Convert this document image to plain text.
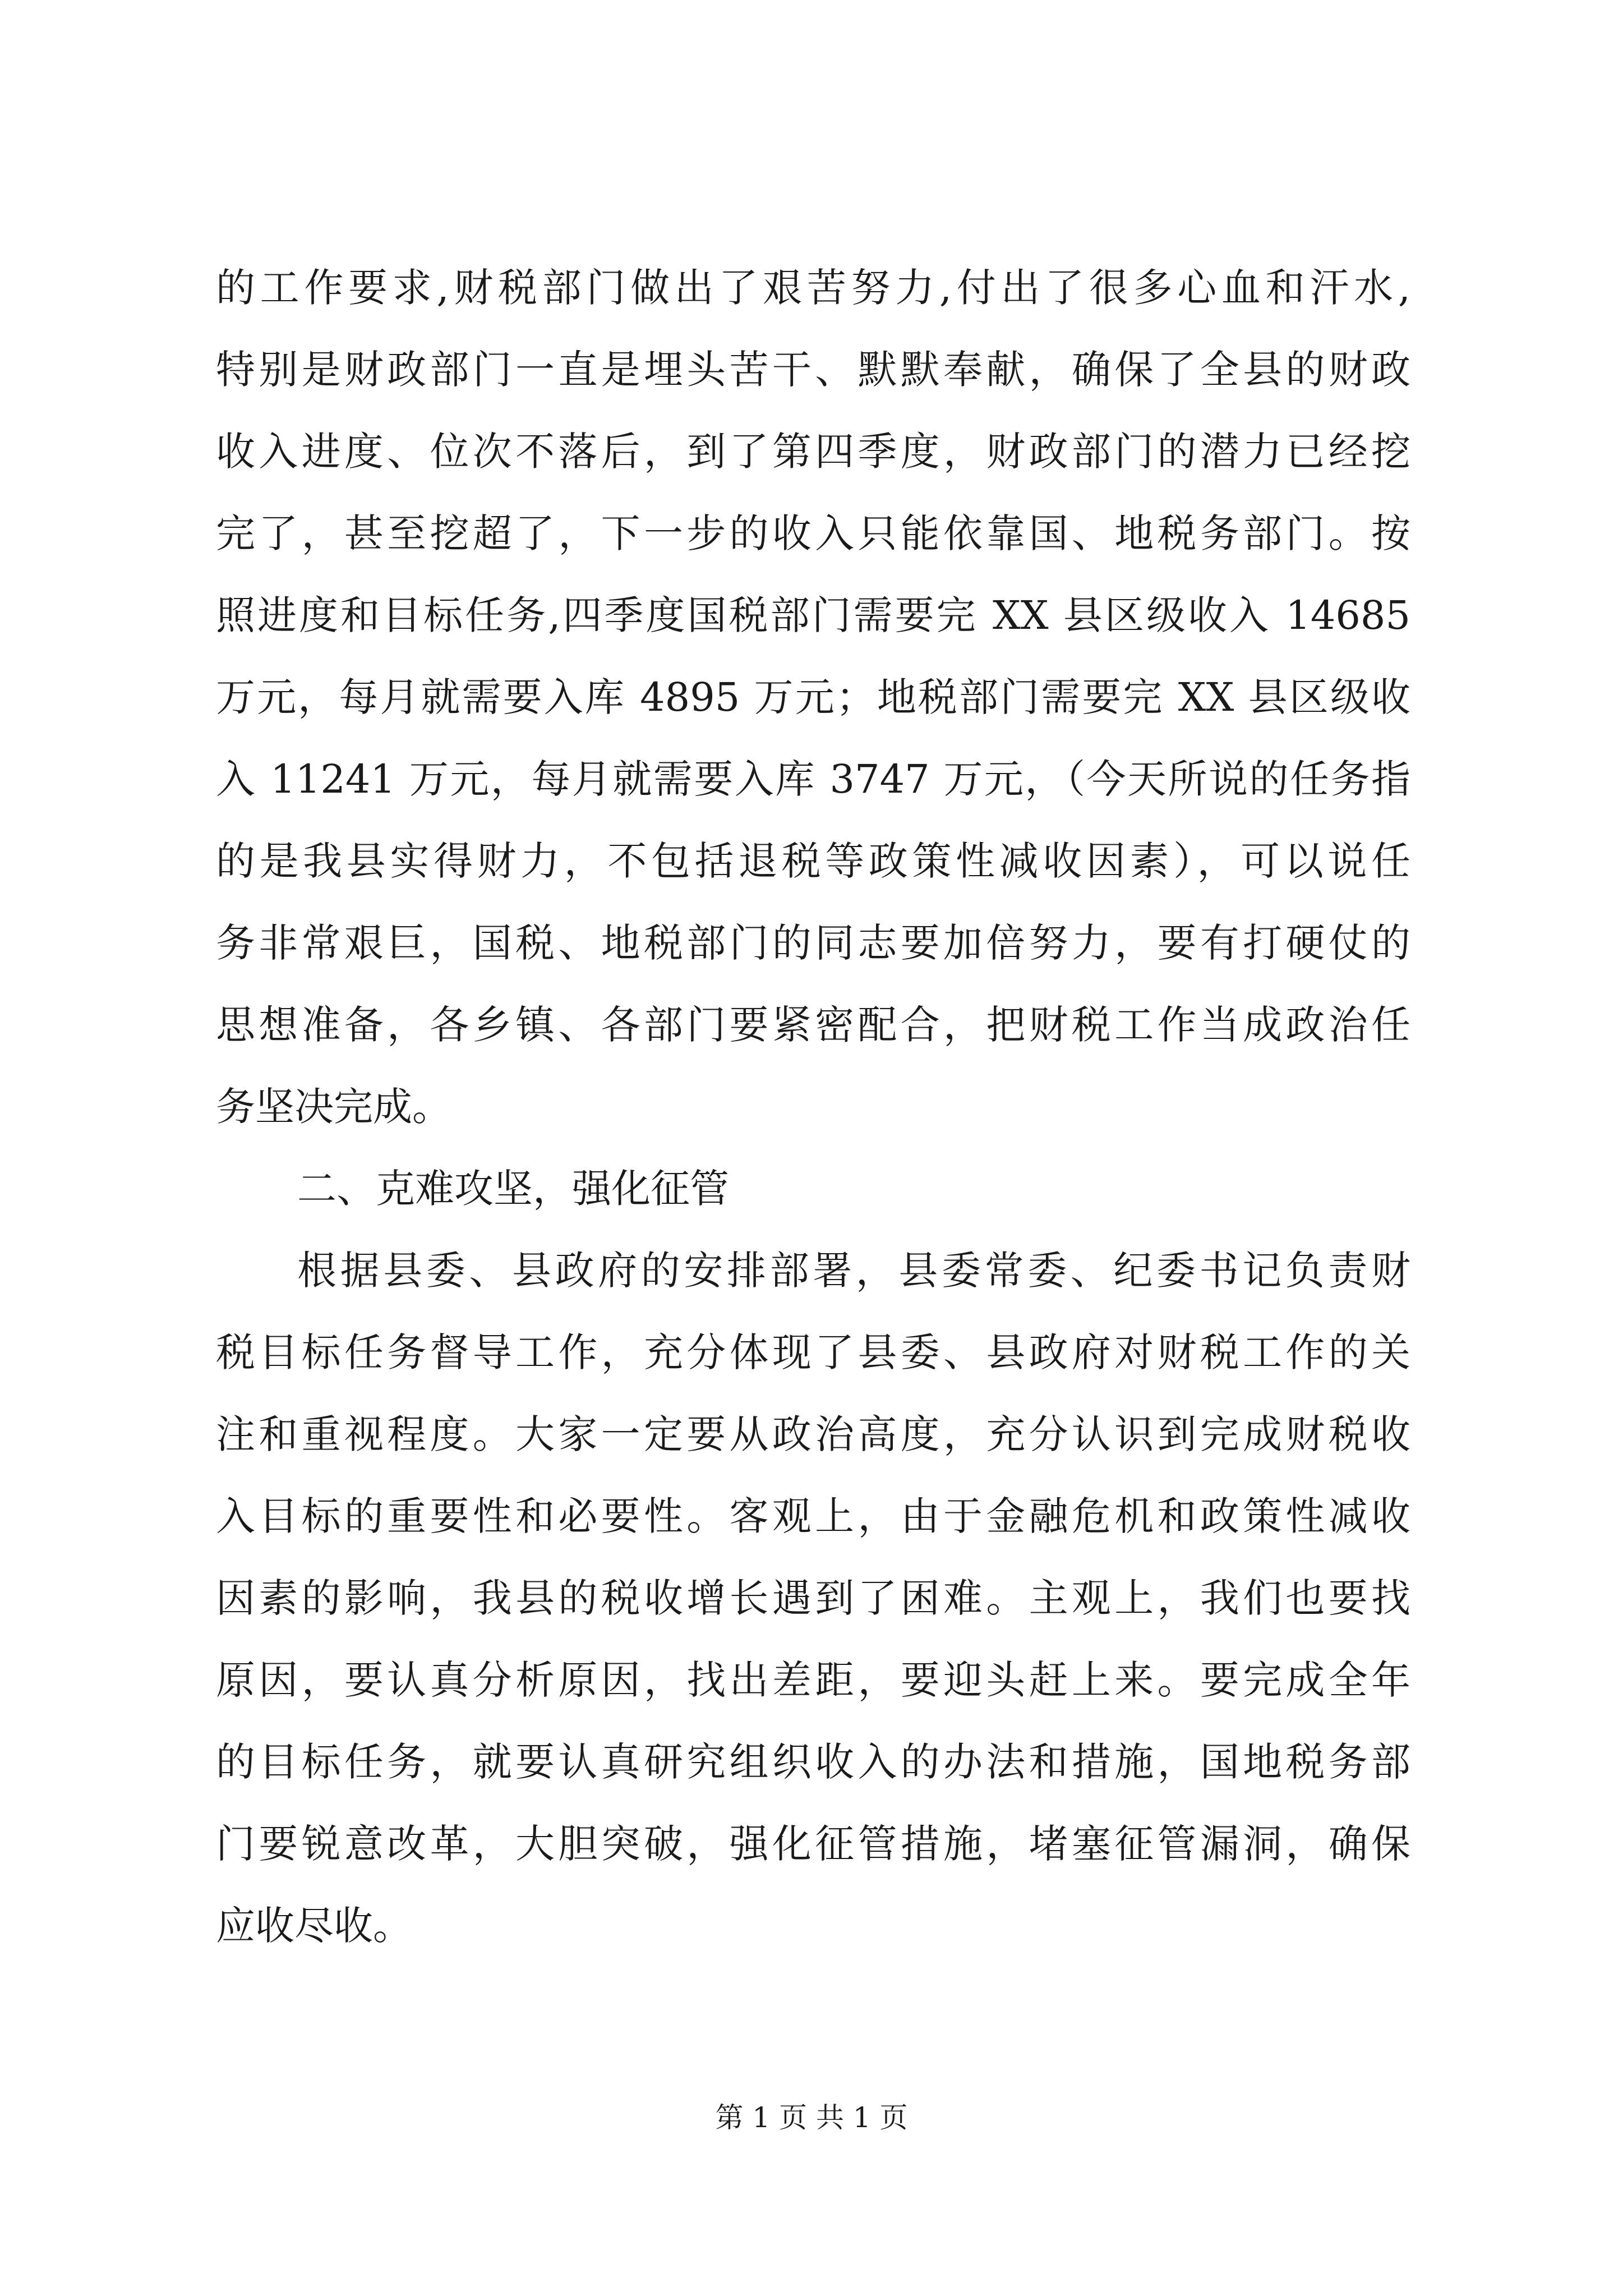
的工作要求,财税部门做出了艰苦努力,付出了很多心血和汗水,
特别是财政部门一直是埋头苦干、默默奉献，确保了全县的财政
收入进度、位次不落后，到了第四季度，财政部门的潜力已经挖
完了，甚至挖超了，下一步的收入只能依靠国、地税务部门。按
照进度和目标任务,四季度国税部门需要完 XX 县区级收入 14685
万元，每月就需要入库 4895 万元；地税部门需要完 XX 县区级收
入 11241 万元，每月就需要入库 3747 万元，（今天所说的任务指
的是我县实得财力，不包括退税等政策性减收因素），可以说任
务非常艰巨，国税、地税部门的同志要加倍努力，要有打硬仗的
思想准备，各乡镇、各部门要紧密配合，把财税工作当成政治任
务坚决完成。
二、克难攻坚，强化征管
根据县委、县政府的安排部署，县委常委、纪委书记负责财
税目标任务督导工作，充分体现了县委、县政府对财税工作的关
注和重视程度。大家一定要从政治高度，充分认识到完成财税收
入目标的重要性和必要性。客观上，由于金融危机和政策性减收
因素的影响，我县的税收增长遇到了困难。主观上，我们也要找
原因，要认真分析原因，找出差距，要迎头赶上来。要完成全年
的目标任务，就要认真研究组织收入的办法和措施，国地税务部
门要锐意改革，大胆突破，强化征管措施，堵塞征管漏洞，确保
应收尽收。
第 1 页 共 1 页
